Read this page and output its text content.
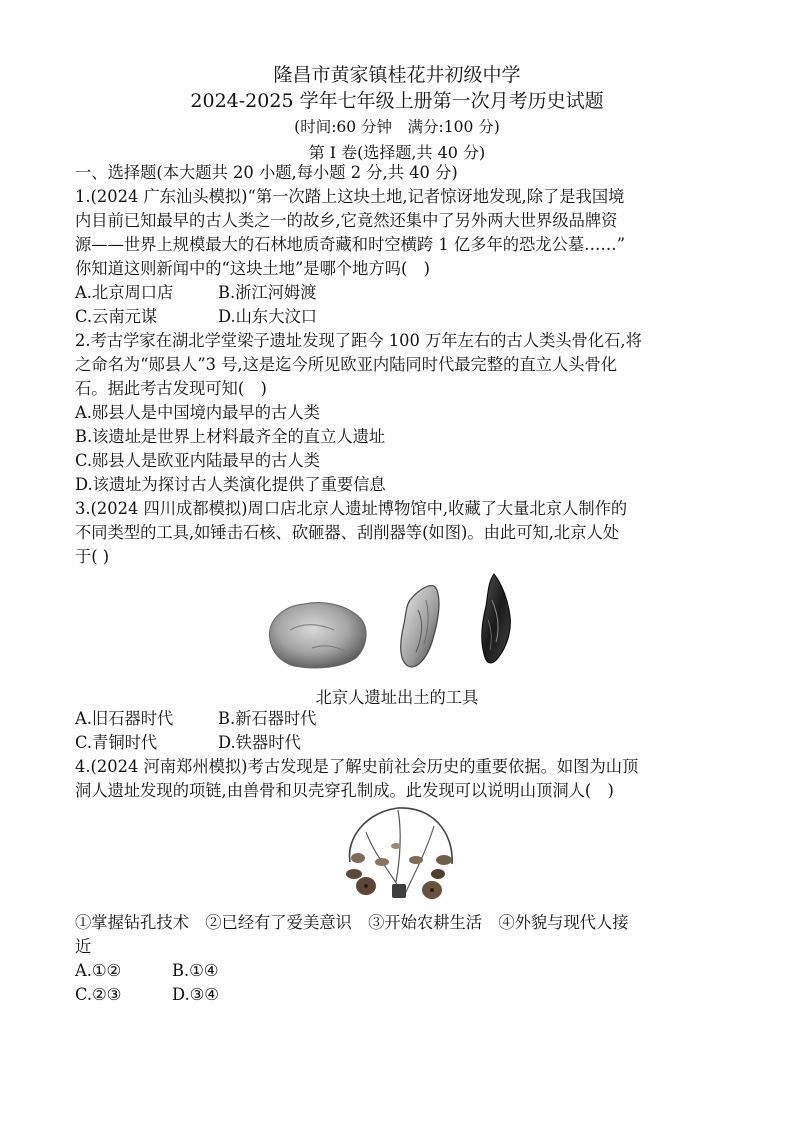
隆昌市黄家镇桂花井初级中学
2024-2025 学年七年级上册第一次月考历史试题
(时间:60 分钟　满分:100 分)
第 I 卷(选择题,共 40 分)
一、选择题(本大题共 20 小题,每小题 2 分,共 40 分)
1.(2024 广东汕头模拟)“第一次踏上这块土地,记者惊讶地发现,除了是我国境
内目前已知最早的古人类之一的故乡,它竟然还集中了另外两大世界级品牌资
源——世界上规模最大的石林地质奇藏和时空横跨 1 亿多年的恐龙公墓……”
你知道这则新闻中的“这块土地”是哪个地方吗(　)
A.北京周口店	B.浙江河姆渡
C.云南元谋	D.山东大汶口
2.考古学家在湖北学堂梁子遗址发现了距今 100 万年左右的古人类头骨化石,将
之命名为“郧县人”3 号,这是迄今所见欧亚内陆同时代最完整的直立人头骨化
石。据此考古发现可知(　)
A.郧县人是中国境内最早的古人类
B.该遗址是世界上材料最齐全的直立人遗址
C.郧县人是欧亚内陆最早的古人类
D.该遗址为探讨古人类演化提供了重要信息
3.(2024 四川成都模拟)周口店北京人遗址博物馆中,收藏了大量北京人制作的
不同类型的工具,如锤击石核、砍砸器、刮削器等(如图)。由此可知,北京人处
于( )
北京人遗址出土的工具
A.旧石器时代	B.新石器时代
C.青铜时代	D.铁器时代
4.(2024 河南郑州模拟)考古发现是了解史前社会历史的重要依据。如图为山顶
洞人遗址发现的项链,由兽骨和贝壳穿孔制成。此发现可以说明山顶洞人(　)
①掌握钻孔技术　②已经有了爱美意识　③开始农耕生活　④外貌与现代人接
近
A.①②	B.①④
C.②③	D.③④
